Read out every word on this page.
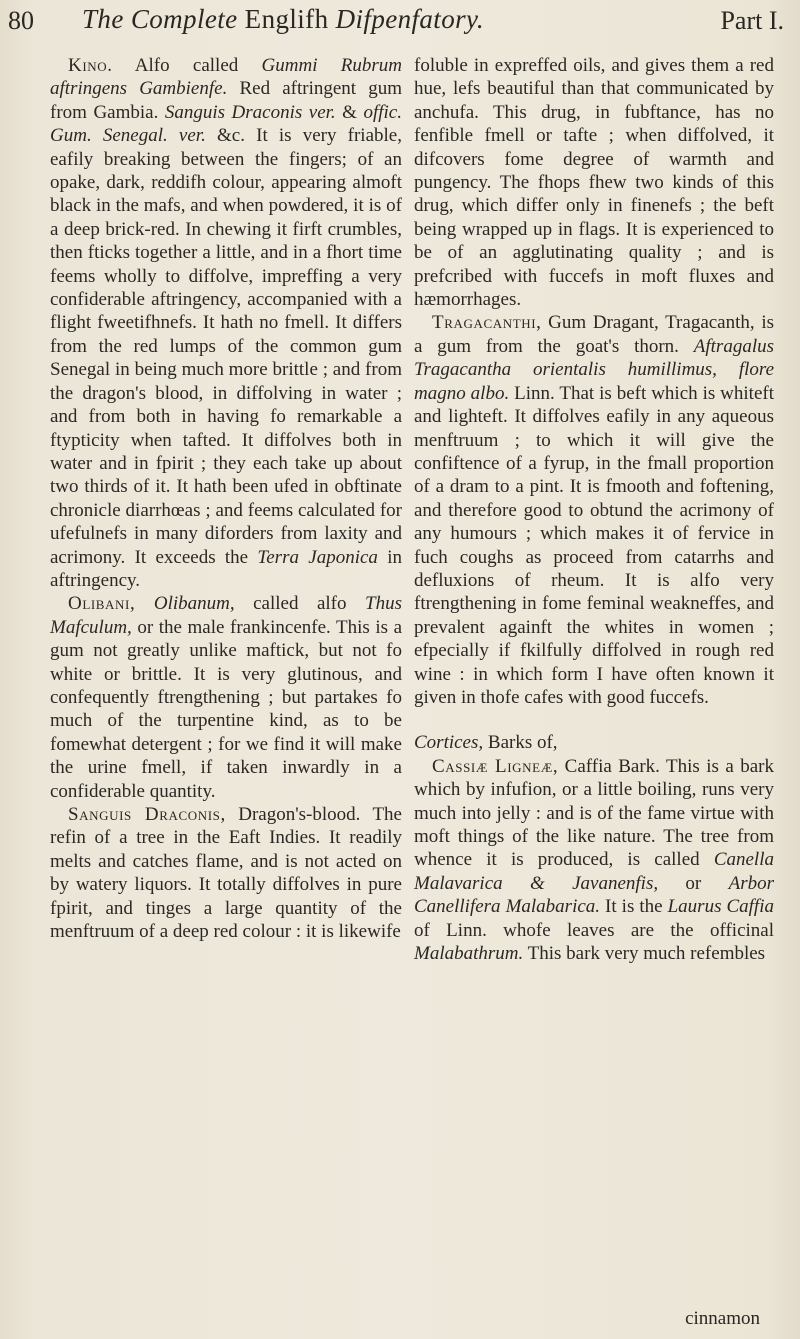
80 The Complete Englifh Difpenfatory.	Part I.

Kino. Alfo called Gummi Rubrum aftringens Gambienfe. Red aftringent gum from Gambia. Sanguis Draconis ver. & offic. Gum. Senegal. ver. &c. It is very friable, eafily breaking between the fingers; of an opake, dark, reddifh colour, appearing almoft black in the mafs, and when powdered, it is of a deep brick-red. In chewing it firft crumbles, then fticks together a little, and in a fhort time feems wholly to diffolve, impreffing a very confiderable aftringency, accompanied with a flight fweetifhnefs. It hath no fmell. It differs from the red lumps of the common gum Senegal in being much more brittle ; and from the dragon's blood, in diffolving in water ; and from both in having fo remarkable a ftypticity when tafted. It diffolves both in water and in fpirit ; they each take up about two thirds of it. It hath been ufed in obftinate chronicle diarrhœas ; and feems calculated for ufefulnefs in many diforders from laxity and acrimony. It exceeds the Terra Japonica in aftringency.

Olibani, Olibanum, called alfo Thus Mafculum, or the male frankincenfe. This is a gum not greatly unlike maftick, but not fo white or brittle. It is very glutinous, and confequently ftrengthening ; but partakes fo much of the turpentine kind, as to be fomewhat detergent ; for we find it will make the urine fmell, if taken inwardly in a confiderable quantity.

Sanguis Draconis, Dragon's-blood. The refin of a tree in the Eaft Indies. It readily melts and catches flame, and is not acted on by watery liquors. It totally diffolves in pure fpirit, and tinges a large quantity of the menftruum of a deep red colour : it is likewife

foluble in expreffed oils, and gives them a red hue, lefs beautiful than that communicated by anchufa. This drug, in fubftance, has no fenfible fmell or tafte ; when diffolved, it difcovers fome degree of warmth and pungency. The fhops fhew two kinds of this drug, which differ only in finenefs ; the beft being wrapped up in flags. It is experienced to be of an agglutinating quality ; and is prefcribed with fuccefs in moft fluxes and hæmorrhages.

Tragacanthi, Gum Dragant, Tragacanth, is a gum from the goat's thorn. Aftragalus Tragacantha orientalis humillimus, flore magno albo. Linn. That is beft which is whiteft and lighteft. It diffolves eafily in any aqueous menftruum ; to which it will give the confiftence of a fyrup, in the fmall proportion of a dram to a pint. It is fmooth and foftening, and therefore good to obtund the acrimony of any humours ; which makes it of fervice in fuch coughs as proceed from catarrhs and defluxions of rheum. It is alfo very ftrengthening in fome feminal weakneffes, and prevalent againft the whites in women ; efpecially if fkilfully diffolved in rough red wine : in which form I have often known it given in thofe cafes with good fuccefs.

Cortices, Barks of,

Cassiæ Ligneæ, Caffia Bark. This is a bark which by infufion, or a little boiling, runs very much into jelly : and is of the fame virtue with moft things of the like nature. The tree from whence it is produced, is called Canella Malavarica & Javanenfis, or Arbor Canellifera Malabarica. It is the Laurus Caffia of Linn. whofe leaves are the officinal Malabathrum. This bark very much refembles

cinnamon
